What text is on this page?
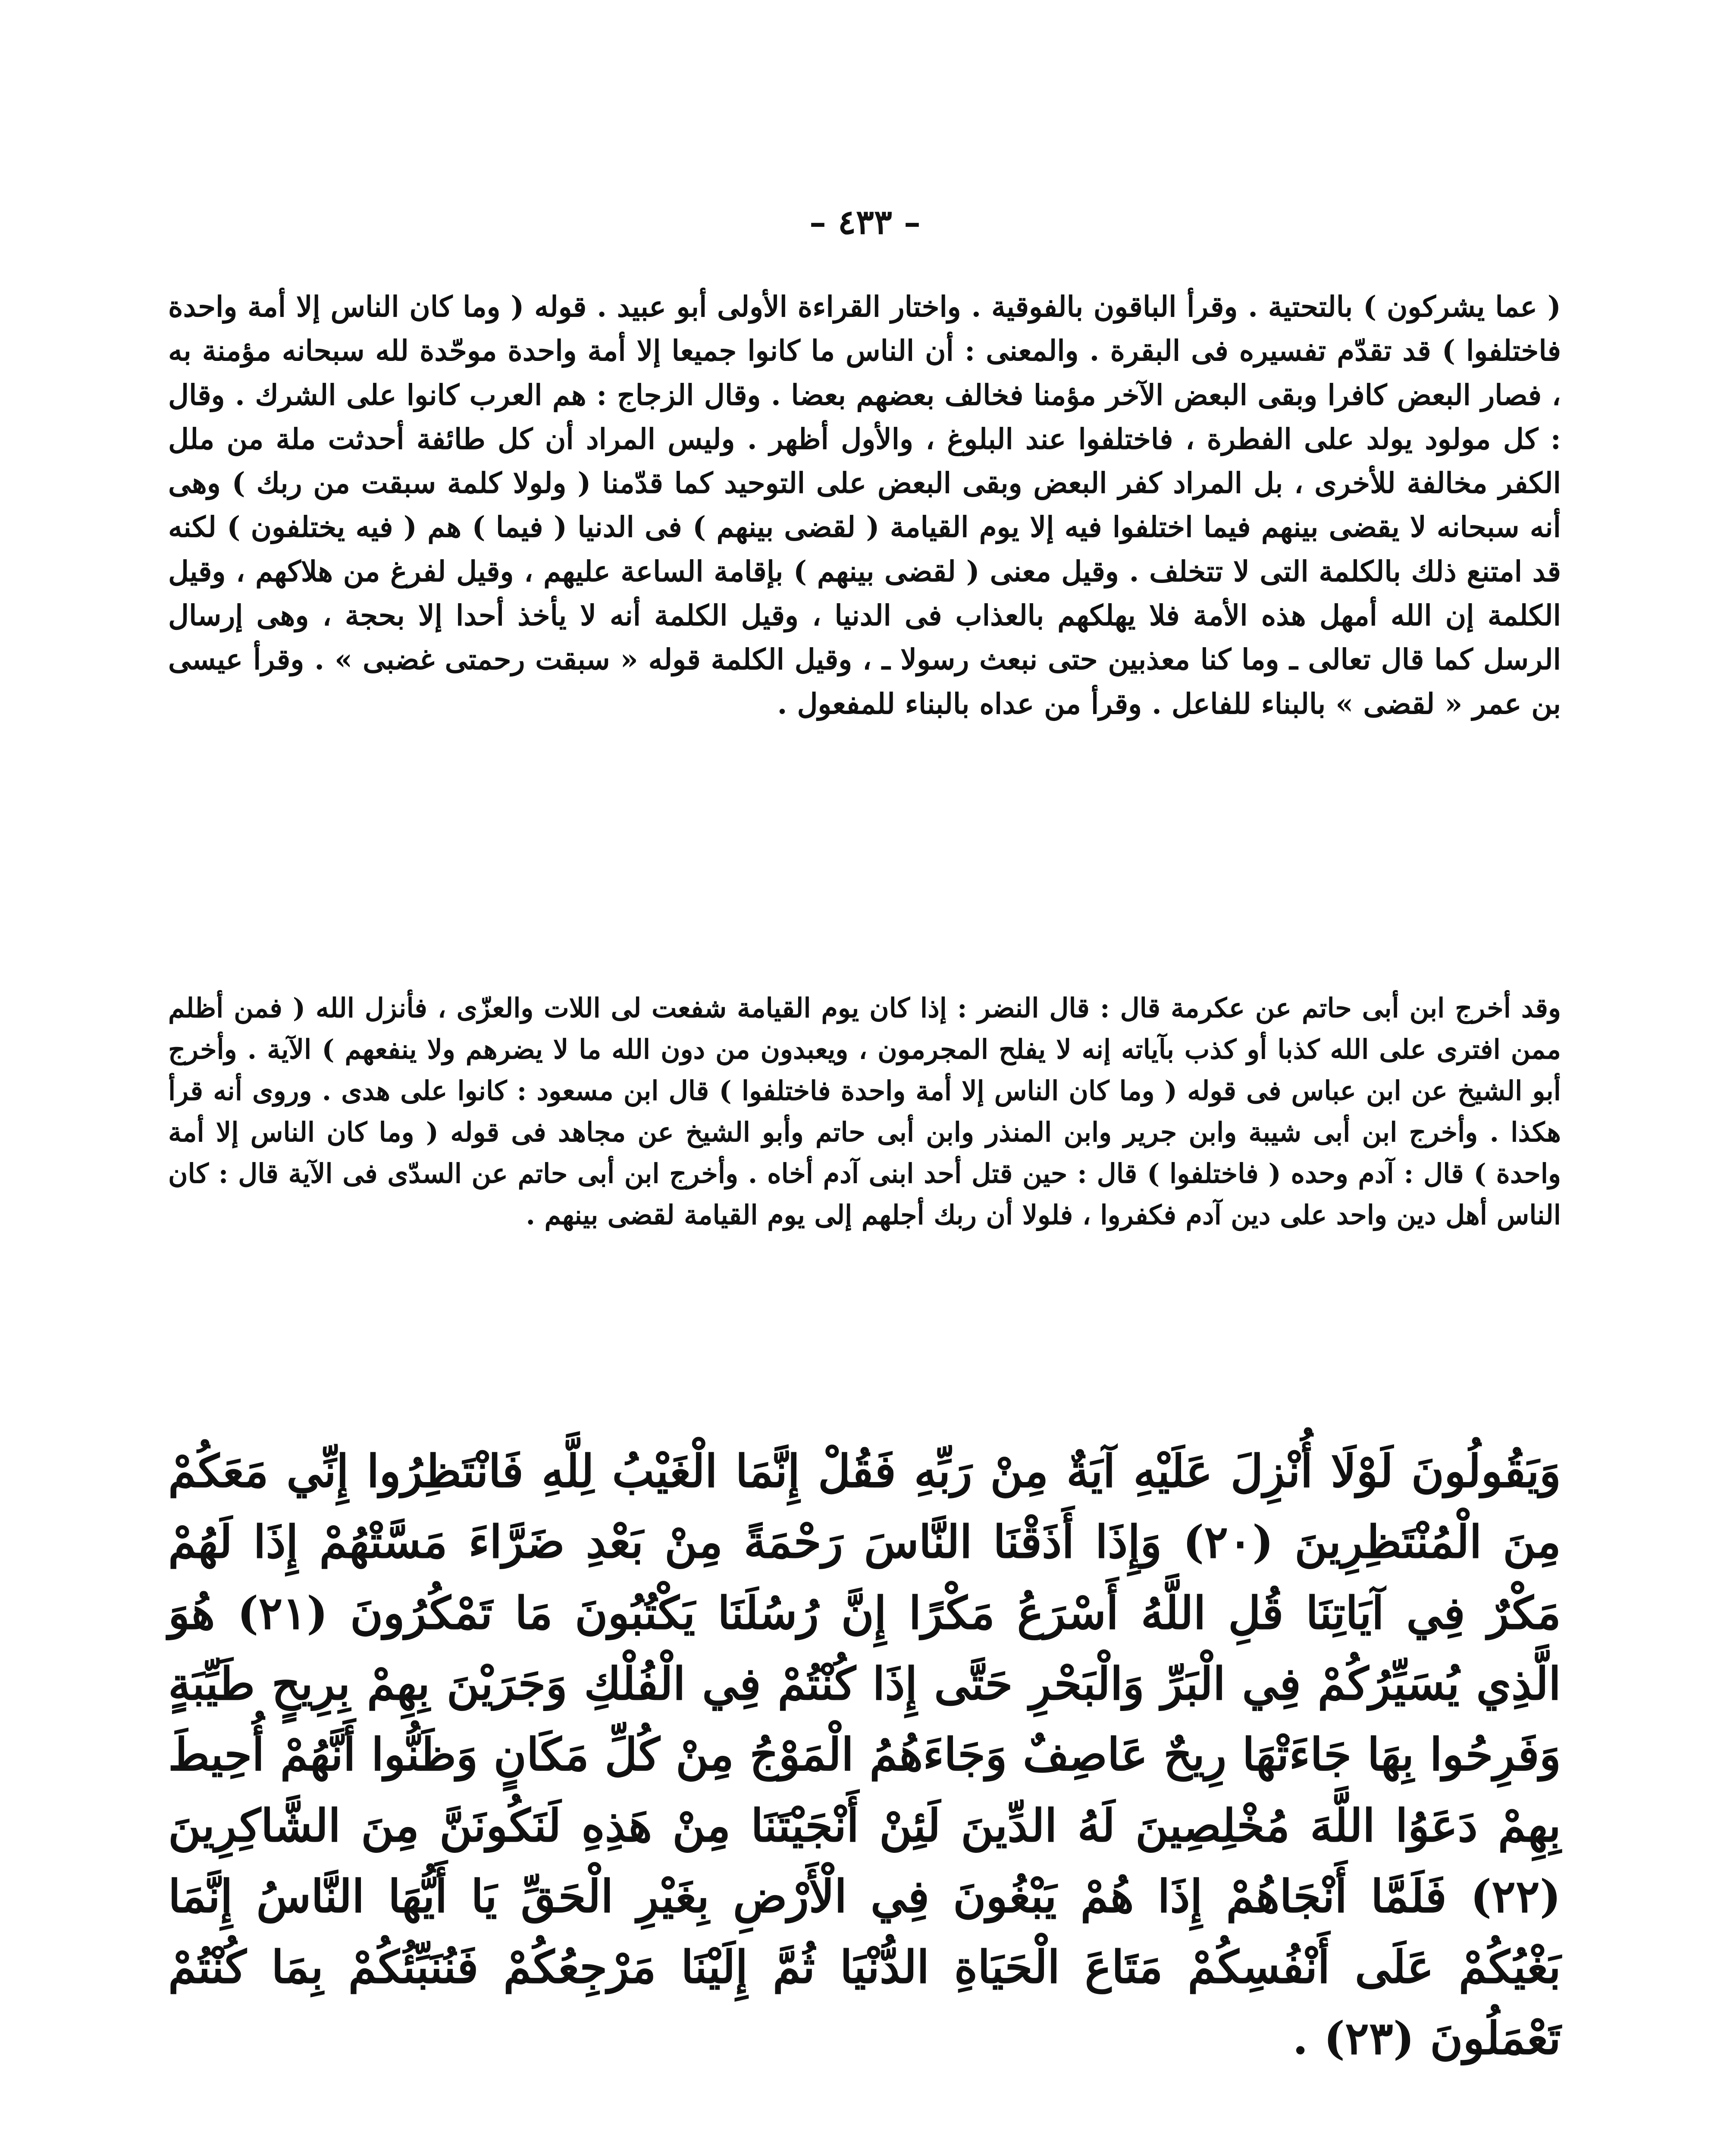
– ٤٣٣ –

( عما يشركون ) بالتحتية . وقرأ الباقون بالفوقية . واختار القراءة الأولى أبو عبيد . قوله ( وما كان الناس إلا أمة واحدة فاختلفوا ) قد تقدّم تفسيره فى البقرة . والمعنى : أن الناس ما كانوا جميعا إلا أمة واحدة موحّدة لله سبحانه مؤمنة به ، فصار البعض كافرا وبقى البعض الآخر مؤمنا فخالف بعضهم بعضا . وقال الزجاج : هم العرب كانوا على الشرك . وقال : كل مولود يولد على الفطرة ، فاختلفوا عند البلوغ ، والأول أظهر . وليس المراد أن كل طائفة أحدثت ملة من ملل الكفر مخالفة للأخرى ، بل المراد كفر البعض وبقى البعض على التوحيد كما قدّمنا ( ولولا كلمة سبقت من ربك ) وهى أنه سبحانه لا يقضى بينهم فيما اختلفوا فيه إلا يوم القيامة ( لقضى بينهم ) فى الدنيا ( فيما ) هم ( فيه يختلفون ) لكنه قد امتنع ذلك بالكلمة التى لا تتخلف . وقيل معنى ( لقضى بينهم ) بإقامة الساعة عليهم ، وقيل لفرغ من هلاكهم ، وقيل الكلمة إن الله أمهل هذه الأمة فلا يهلكهم بالعذاب فى الدنيا ، وقيل الكلمة أنه لا يأخذ أحدا إلا بحجة ، وهى إرسال الرسل كما قال تعالى ـ وما كنا معذبين حتى نبعث رسولا ـ ، وقيل الكلمة قوله « سبقت رحمتى غضبى » . وقرأ عيسى بن عمر « لقضى » بالبناء للفاعل . وقرأ من عداه بالبناء للمفعول .

وقد أخرج ابن أبى حاتم عن عكرمة قال : قال النضر : إذا كان يوم القيامة شفعت لى اللات والعزّى ، فأنزل الله ( فمن أظلم ممن افترى على الله كذبا أو كذب بآياته إنه لا يفلح المجرمون ، ويعبدون من دون الله ما لا يضرهم ولا ينفعهم ) الآية . وأخرج أبو الشيخ عن ابن عباس فى قوله ( وما كان الناس إلا أمة واحدة فاختلفوا ) قال ابن مسعود : كانوا على هدى . وروى أنه قرأ هكذا . وأخرج ابن أبى شيبة وابن جرير وابن المنذر وابن أبى حاتم وأبو الشيخ عن مجاهد فى قوله ( وما كان الناس إلا أمة واحدة ) قال : آدم وحده ( فاختلفوا ) قال : حين قتل أحد ابنى آدم أخاه . وأخرج ابن أبى حاتم عن السدّى فى الآية قال : كان الناس أهل دين واحد على دين آدم فكفروا ، فلولا أن ربك أجلهم إلى يوم القيامة لقضى بينهم .

وَيَقُولُونَ لَوْلَا أُنْزِلَ عَلَيْهِ آيَةٌ مِنْ رَبِّهِ فَقُلْ إِنَّمَا الْغَيْبُ لِلَّهِ فَانْتَظِرُوا إِنِّي مَعَكُمْ مِنَ الْمُنْتَظِرِينَ (٢٠) وَإِذَا أَذَقْنَا النَّاسَ رَحْمَةً مِنْ بَعْدِ ضَرَّاءَ مَسَّتْهُمْ إِذَا لَهُمْ مَكْرٌ فِي آيَاتِنَا قُلِ اللَّهُ أَسْرَعُ مَكْرًا إِنَّ رُسُلَنَا يَكْتُبُونَ مَا تَمْكُرُونَ (٢١) هُوَ الَّذِي يُسَيِّرُكُمْ فِي الْبَرِّ وَالْبَحْرِ حَتَّى إِذَا كُنْتُمْ فِي الْفُلْكِ وَجَرَيْنَ بِهِمْ بِرِيحٍ طَيِّبَةٍ وَفَرِحُوا بِهَا جَاءَتْهَا رِيحٌ عَاصِفٌ وَجَاءَهُمُ الْمَوْجُ مِنْ كُلِّ مَكَانٍ وَظَنُّوا أَنَّهُمْ أُحِيطَ بِهِمْ دَعَوُا اللَّهَ مُخْلِصِينَ لَهُ الدِّينَ لَئِنْ أَنْجَيْتَنَا مِنْ هَذِهِ لَنَكُونَنَّ مِنَ الشَّاكِرِينَ (٢٢) فَلَمَّا أَنْجَاهُمْ إِذَا هُمْ يَبْغُونَ فِي الْأَرْضِ بِغَيْرِ الْحَقِّ يَا أَيُّهَا النَّاسُ إِنَّمَا بَغْيُكُمْ عَلَى أَنْفُسِكُمْ مَتَاعَ الْحَيَاةِ الدُّنْيَا ثُمَّ إِلَيْنَا مَرْجِعُكُمْ فَنُنَبِّئُكُمْ بِمَا كُنْتُمْ تَعْمَلُونَ (٢٣) .
